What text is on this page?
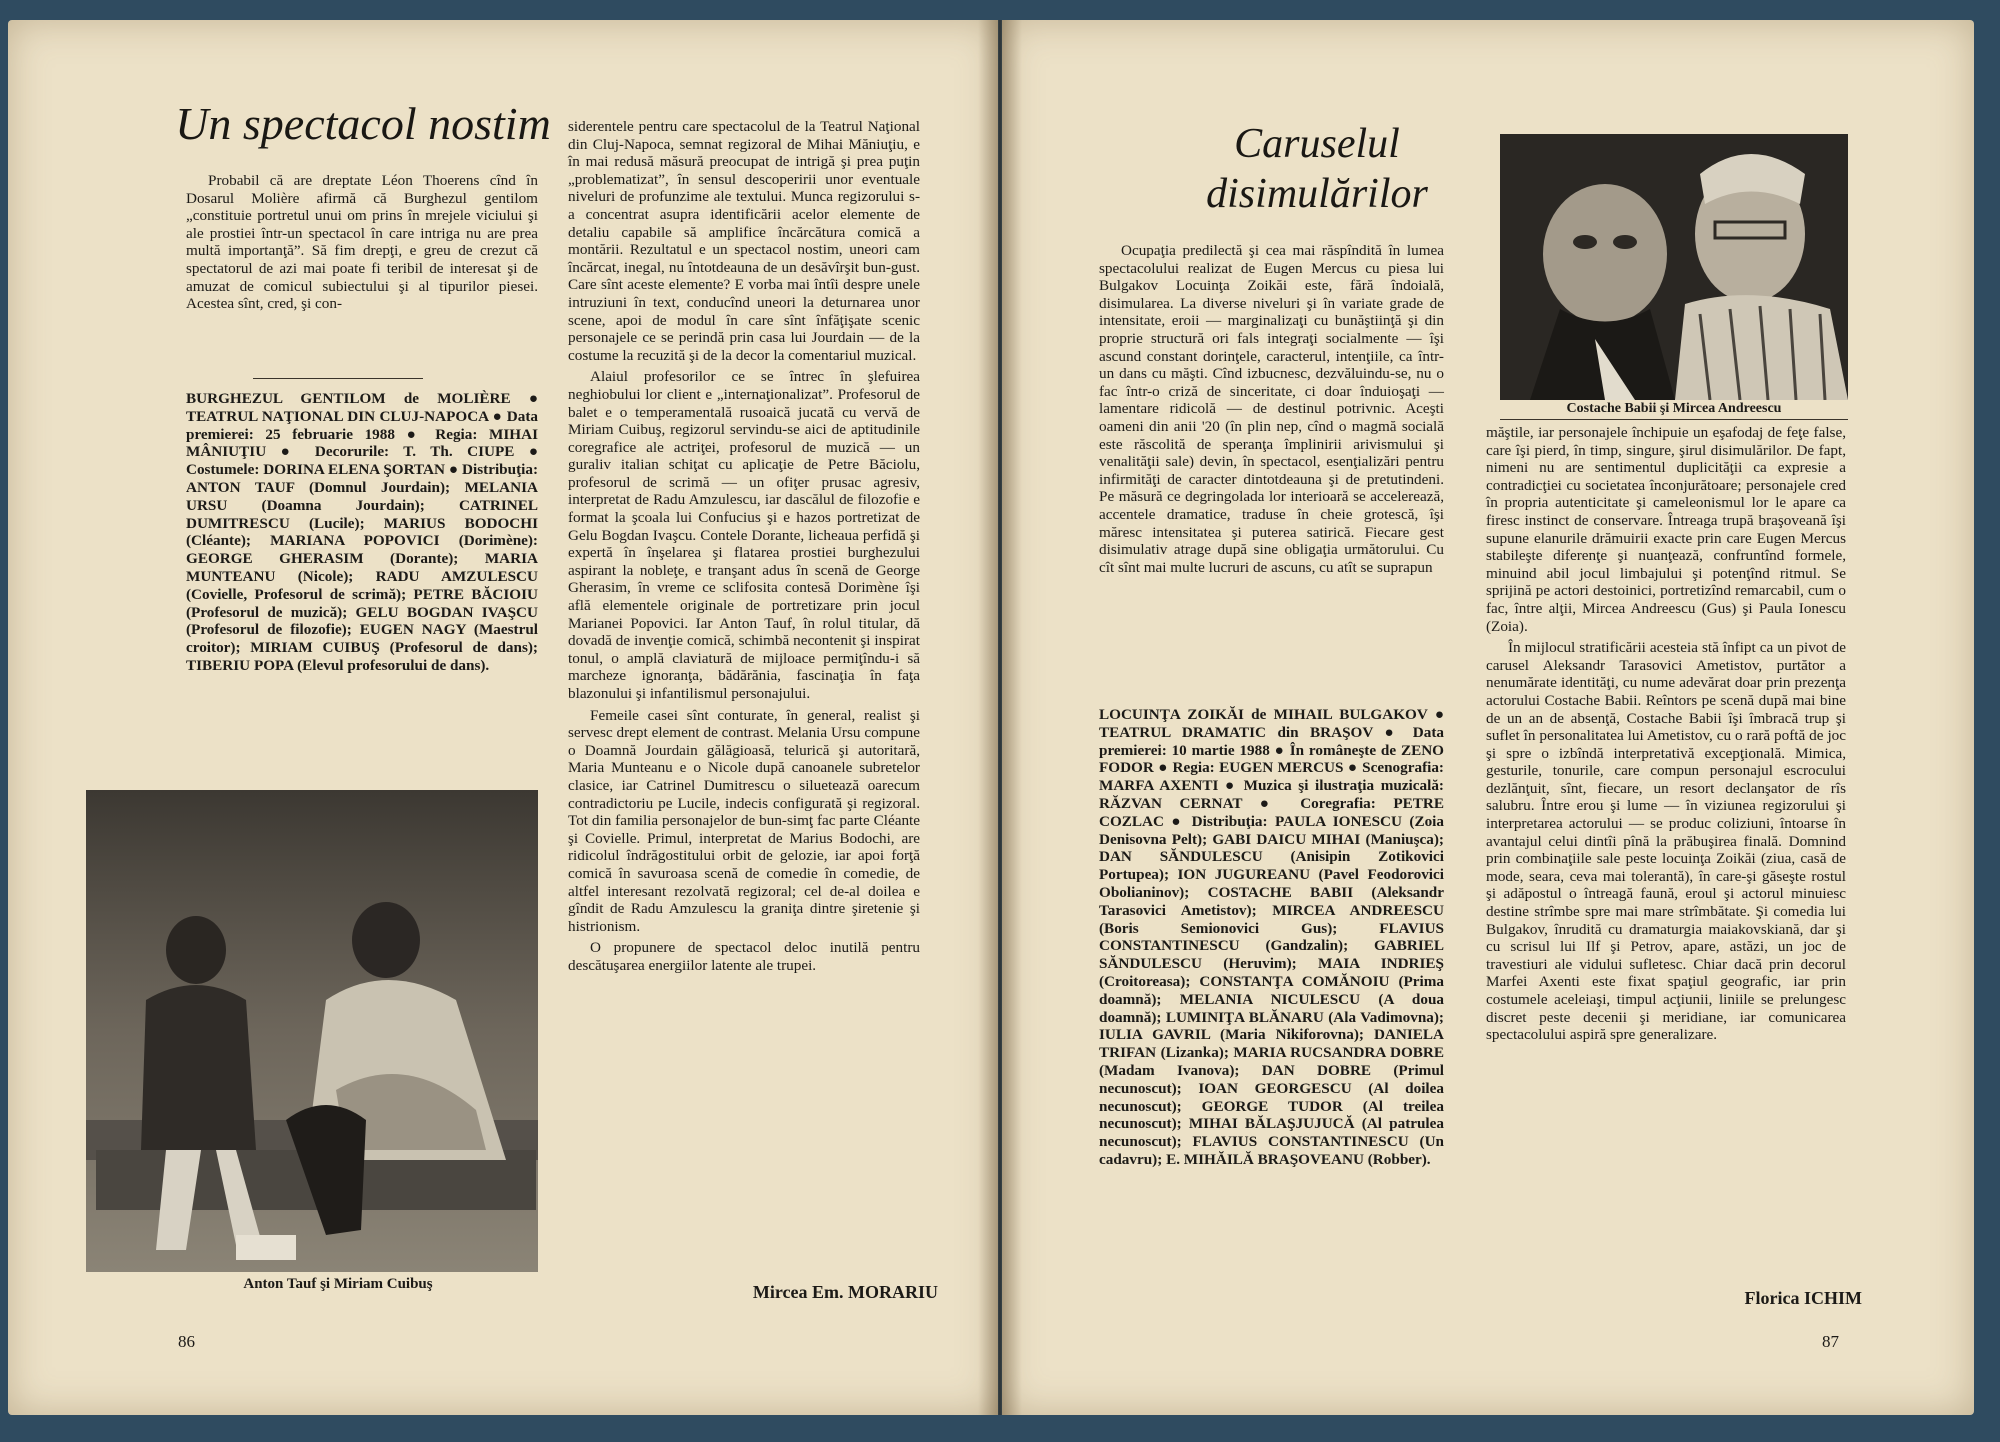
Un spectacol nostim

Probabil că are dreptate Léon Thoerens cînd în Dosarul Molière afirmă că Burghezul gentilom „constituie portretul unui om prins în mrejele viciului şi ale prostiei într-un spectacol în care intriga nu are prea multă importanţă”. Să fim drepţi, e greu de crezut că spectatorul de azi mai poate fi teribil de interesat şi de amuzat de comicul subiectului şi al tipurilor piesei. Acestea sînt, cred, şi con-

BURGHEZUL GENTILOM de MOLIÈRE ● TEATRUL NAŢIONAL DIN CLUJ-NAPOCA ● Data premierei: 25 februarie 1988 ● Regia: MIHAI MÂNIUŢIU ● Decorurile: T. Th. CIUPE ● Costumele: DORINA ELENA ŞORTAN ● Distribuţia: ANTON TAUF (Domnul Jourdain); MELANIA URSU (Doamna Jourdain); CATRINEL DUMITRESCU (Lucile); MARIUS BODOCHI (Cléante); MARIANA POPOVICI (Dorimène): GEORGE GHERASIM (Dorante); MARIA MUNTEANU (Nicole); RADU AMZULESCU (Covielle, Profesorul de scrimă); PETRE BĂCIOIU (Profesorul de muzică); GELU BOGDAN IVAŞCU (Profesorul de filozofie); EUGEN NAGY (Maestrul croitor); MIRIAM CUIBUŞ (Profesorul de dans); TIBERIU POPA (Elevul profesorului de dans).
Anton Tauf şi Miriam Cuibuş

siderentele pentru care spectacolul de la Teatrul Naţional din Cluj-Napoca, semnat regizoral de Mihai Măniuţiu, e în mai redusă măsură preocupat de intrigă şi prea puţin „problematizat”, în sensul descoperirii unor eventuale niveluri de profunzime ale textului. Munca regizorului s-a concentrat asupra identificării acelor elemente de detaliu capabile să amplifice încărcătura comică a montării. Rezultatul e un spectacol nostim, uneori cam încărcat, inegal, nu întotdeauna de un desăvîrşit bun-gust. Care sînt aceste elemente? E vorba mai întîi despre unele intruziuni în text, conducînd uneori la deturnarea unor scene, apoi de modul în care sînt înfăţişate scenic personajele ce se perindă prin casa lui Jourdain — de la costume la recuzită şi de la decor la comentariul muzical.

Alaiul profesorilor ce se întrec în şlefuirea neghiobului lor client e „internaţionalizat”. Profesorul de balet e o temperamentală rusoaică jucată cu vervă de Miriam Cuibuş, regizorul servindu-se aici de aptitudinile coregrafice ale actriţei, profesorul de muzică — un guraliv italian schiţat cu aplicaţie de Petre Băciolu, profesorul de scrimă — un ofiţer prusac agresiv, interpretat de Radu Amzulescu, iar dascălul de filozofie e format la şcoala lui Confucius şi e hazos portretizat de Gelu Bogdan Ivaşcu. Contele Dorante, licheaua perfidă şi expertă în înşelarea şi flatarea prostiei burghezului aspirant la nobleţe, e tranşant adus în scenă de George Gherasim, în vreme ce sclifosita contesă Dorimène îşi află elementele originale de portretizare prin jocul Marianei Popovici. Iar Anton Tauf, în rolul titular, dă dovadă de invenţie comică, schimbă necontenit şi inspirat tonul, o amplă claviatură de mijloace permiţîndu-i să marcheze ignoranţa, bădărănia, fascinaţia în faţa blazonului şi infantilismul personajului.

Femeile casei sînt conturate, în general, realist şi servesc drept element de contrast. Melania Ursu compune o Doamnă Jourdain gălăgioasă, telurică şi autoritară, Maria Munteanu e o Nicole după canoanele subretelor clasice, iar Catrinel Dumitrescu o siluetează oarecum contradictoriu pe Lucile, indecis configurată şi regizoral. Tot din familia personajelor de bun-simţ fac parte Cléante şi Covielle. Primul, interpretat de Marius Bodochi, are ridicolul îndrăgostitului orbit de gelozie, iar apoi forţă comică în savuroasa scenă de comedie în comedie, de altfel interesant rezolvată regizoral; cel de-al doilea e gîndit de Radu Amzulescu la graniţa dintre şiretenie şi histrionism.

O propunere de spectacol deloc inutilă pentru descătuşarea energiilor latente ale trupei.

Mircea Em. MORARIU
86
Caruselul
disimulărilor

Ocupaţia predilectă şi cea mai răspîndită în lumea spectacolului realizat de Eugen Mercus cu piesa lui Bulgakov Locuinţa Zoikăi este, fără îndoială, disimularea. La diverse niveluri şi în variate grade de intensitate, eroii — marginalizaţi cu bunăştiinţă şi din proprie structură ori fals integraţi socialmente — îşi ascund constant dorinţele, caracterul, intenţiile, ca într-un dans cu măşti. Cînd izbucnesc, dezvăluindu-se, nu o fac într-o criză de sinceritate, ci doar înduioşaţi — lamentare ridicolă — de destinul potrivnic. Aceşti oameni din anii '20 (în plin nep, cînd o magmă socială este răscolită de speranţa împlinirii arivismului şi venalităţii sale) devin, în spectacol, esenţializări pentru infirmităţi de caracter dintotdeauna şi de pretutindeni. Pe măsură ce degringolada lor interioară se accelerează, accentele dramatice, traduse în cheie grotescă, îşi măresc intensitatea şi puterea satirică. Fiecare gest disimulativ atrage după sine obligaţia următorului. Cu cît sînt mai multe lucruri de ascuns, cu atît se suprapun

LOCUINŢA ZOIKĂI de MIHAIL BULGAKOV ● TEATRUL DRAMATIC din BRAŞOV ● Data premierei: 10 martie 1988 ● În româneşte de ZENO FODOR ● Regia: EUGEN MERCUS ● Scenografia: MARFA AXENTI ● Muzica şi ilustraţia muzicală: RĂZVAN CERNAT ● Coregrafia: PETRE COZLAC ● Distribuţia: PAULA IONESCU (Zoia Denisovna Pelt); GABI DAICU MIHAI (Maniuşca); DAN SĂNDULESCU (Anisipin Zotikovici Portupea); ION JUGUREANU (Pavel Feodorovici Obolianinov); COSTACHE BABII (Aleksandr Tarasovici Ametistov); MIRCEA ANDREESCU (Boris Semionovici Gus); FLAVIUS CONSTANTINESCU (Gandzalin); GABRIEL SĂNDULESCU (Heruvim); MAIA INDRIEŞ (Croitoreasa); CONSTANŢA COMĂNOIU (Prima doamnă); MELANIA NICULESCU (A doua doamnă); LUMINIŢA BLĂNARU (Ala Vadimovna); IULIA GAVRIL (Maria Nikiforovna); DANIELA TRIFAN (Lizanka); MARIA RUCSANDRA DOBRE (Madam Ivanova); DAN DOBRE (Primul necunoscut); IOAN GEORGESCU (Al doilea necunoscut); GEORGE TUDOR (Al treilea necunoscut); MIHAI BĂLAŞJUJUCĂ (Al patrulea necunoscut); FLAVIUS CONSTANTINESCU (Un cadavru); E. MIHĂILĂ BRAŞOVEANU (Robber).
Costache Babii şi Mircea Andreescu

măştile, iar personajele închipuie un eşafodaj de feţe false, care îşi pierd, în timp, singure, şirul disimulărilor. De fapt, nimeni nu are sentimentul duplicităţii ca expresie a contradicţiei cu societatea înconjurătoare; personajele cred în propria autenticitate şi cameleonismul lor le apare ca firesc instinct de conservare. Întreaga trupă braşoveană îşi supune elanurile drămuirii exacte prin care Eugen Mercus stabileşte diferenţe şi nuanţează, confruntînd formele, minuind abil jocul limbajului şi potenţînd ritmul. Se sprijină pe actori destoinici, portretizînd remarcabil, cum o fac, între alţii, Mircea Andreescu (Gus) şi Paula Ionescu (Zoia).

În mijlocul stratificării acesteia stă înfipt ca un pivot de carusel Aleksandr Tarasovici Ametistov, purtător a nenumărate identităţi, cu nume adevărat doar prin prezenţa actorului Costache Babii. Reîntors pe scenă după mai bine de un an de absenţă, Costache Babii îşi îmbracă trup şi suflet în personalitatea lui Ametistov, cu o rară poftă de joc şi spre o izbîndă interpretativă excepţională. Mimica, gesturile, tonurile, care compun personajul escrocului dezlănţuit, sînt, fiecare, un resort declanşator de rîs salubru. Între erou şi lume — în viziunea regizorului şi interpretarea actorului — se produc coliziuni, întoarse în avantajul celui dintîi pînă la prăbuşirea finală. Domnind prin combinaţiile sale peste locuinţa Zoikăi (ziua, casă de mode, seara, ceva mai tolerantă), în care-şi găseşte rostul şi adăpostul o întreagă faună, eroul şi actorul minuiesc destine strîmbe spre mai mare strîmbătate. Şi comedia lui Bulgakov, înrudită cu dramaturgia maiakovskiană, dar şi cu scrisul lui Ilf şi Petrov, apare, astăzi, un joc de travestiuri ale vidului sufletesc. Chiar dacă prin decorul Marfei Axenti este fixat spaţiul geografic, iar prin costumele aceleiaşi, timpul acţiunii, liniile se prelungesc discret peste decenii şi meridiane, iar comunicarea spectacolului aspiră spre generalizare.

Florica ICHIM
87
